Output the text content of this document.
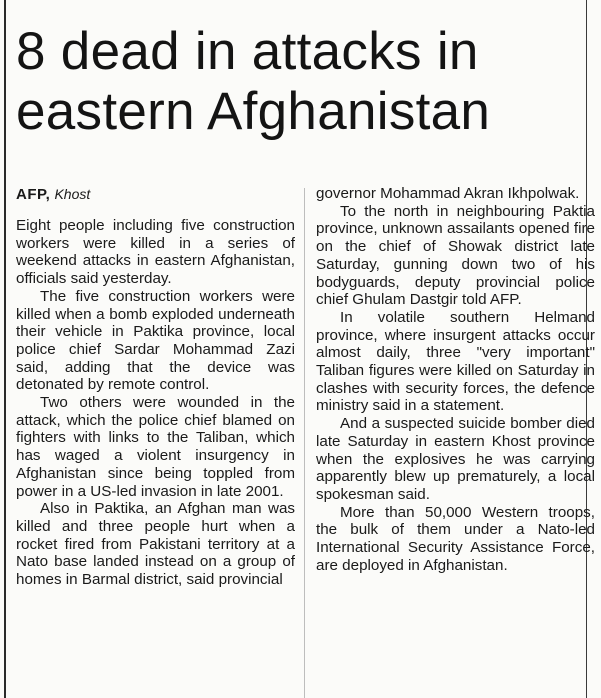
8 dead in attacks in eastern Afghanistan
AFP, Khost

Eight people including five construction workers were killed in a series of weekend attacks in eastern Afghanistan, officials said yesterday.

The five construction workers were killed when a bomb exploded underneath their vehicle in Paktika province, local police chief Sardar Mohammad Zazi said, adding that the device was detonated by remote control.

Two others were wounded in the attack, which the police chief blamed on fighters with links to the Taliban, which has waged a violent insurgency in Afghanistan since being toppled from power in a US-led invasion in late 2001.

Also in Paktika, an Afghan man was killed and three people hurt when a rocket fired from Pakistani territory at a Nato base landed instead on a group of homes in Barmal district, said provincial

governor Mohammad Akran Ikhpolwak.

To the north in neighbouring Paktia province, unknown assailants opened fire on the chief of Showak district late Saturday, gunning down two of his bodyguards, deputy provincial police chief Ghulam Dastgir told AFP.

In volatile southern Helmand province, where insurgent attacks occur almost daily, three "very important" Taliban figures were killed on Saturday in clashes with security forces, the defence ministry said in a statement.

And a suspected suicide bomber died late Saturday in eastern Khost province when the explosives he was carrying apparently blew up prematurely, a local spokesman said.

More than 50,000 Western troops, the bulk of them under a Nato-led International Security Assistance Force, are deployed in Afghanistan.
